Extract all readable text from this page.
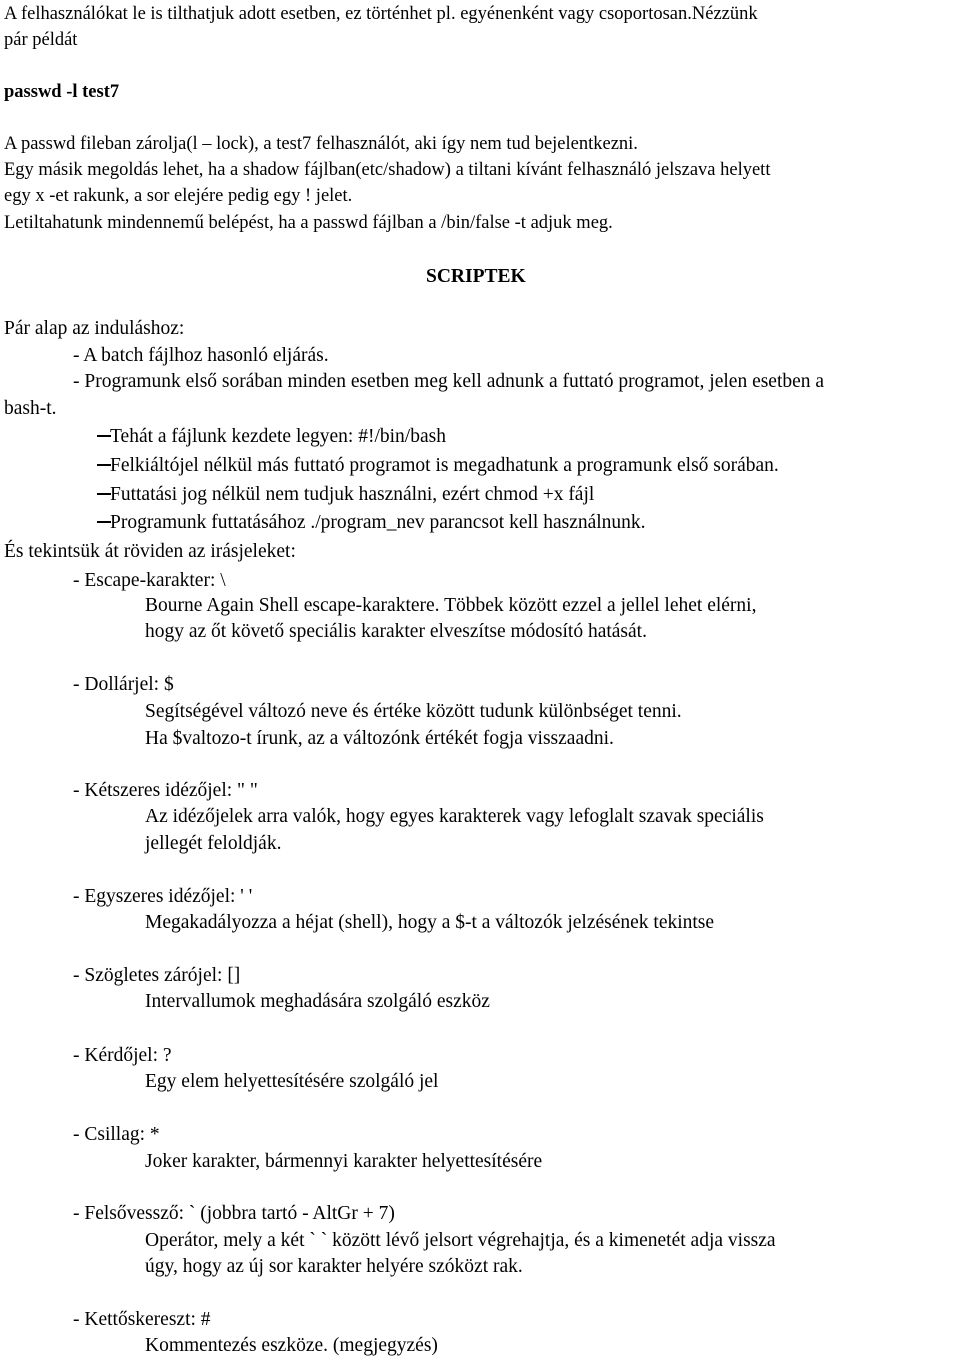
A felhasználókat le is tilthatjuk adott esetben, ez történhet pl. egyénenként vagy csoportosan.Nézzünk
pár példát
passwd -l test7
A passwd fileban zárolja(l – lock), a test7 felhasználót, aki így nem tud bejelentkezni.
Egy másik megoldás lehet, ha a shadow fájlban(etc/shadow) a tiltani kívánt felhasználó jelszava helyett
egy x -et rakunk, a sor elejére pedig egy ! jelet.
Letiltahatunk mindennemű belépést, ha a passwd fájlban a /bin/false -t adjuk meg.
SCRIPTEK
Pár alap az induláshoz:
- A batch fájlhoz hasonló eljárás.
- Programunk első sorában minden esetben meg kell adnunk a futtató programot, jelen esetben a
bash-t.
Tehát a fájlunk kezdete legyen: #!/bin/bash
Felkiáltójel nélkül más futtató programot is megadhatunk a programunk első sorában.
Futtatási jog nélkül nem tudjuk használni, ezért chmod +x fájl
Programunk futtatásához ./program_nev parancsot kell használnunk.
És tekintsük át röviden az irásjeleket:
- Escape-karakter: \
Bourne Again Shell escape-karaktere. Többek között ezzel a jellel lehet elérni,
hogy az őt követő speciális karakter elveszítse módosító hatását.
- Dollárjel: $
Segítségével változó neve és értéke között tudunk különbséget tenni.
Ha $valtozo-t írunk, az a változónk értékét fogja visszaadni.
- Kétszeres idézőjel: " "
Az idézőjelek arra valók, hogy egyes karakterek vagy lefoglalt szavak speciális
jellegét feloldják.
- Egyszeres idézőjel: ' '
Megakadályozza a héjat (shell), hogy a $-t a változók jelzésének tekintse
- Szögletes zárójel: []
Intervallumok meghadására szolgáló eszköz
- Kérdőjel: ?
Egy elem helyettesítésére szolgáló jel
- Csillag: *
Joker karakter, bármennyi karakter helyettesítésére
- Felsővessző: ` (jobbra tartó - AltGr + 7)
Operátor, mely a két ` ` között lévő jelsort végrehajtja, és a kimenetét adja vissza
úgy, hogy az új sor karakter helyére szóközt rak.
- Kettőskereszt: #
Kommentezés eszköze. (megjegyzés)
